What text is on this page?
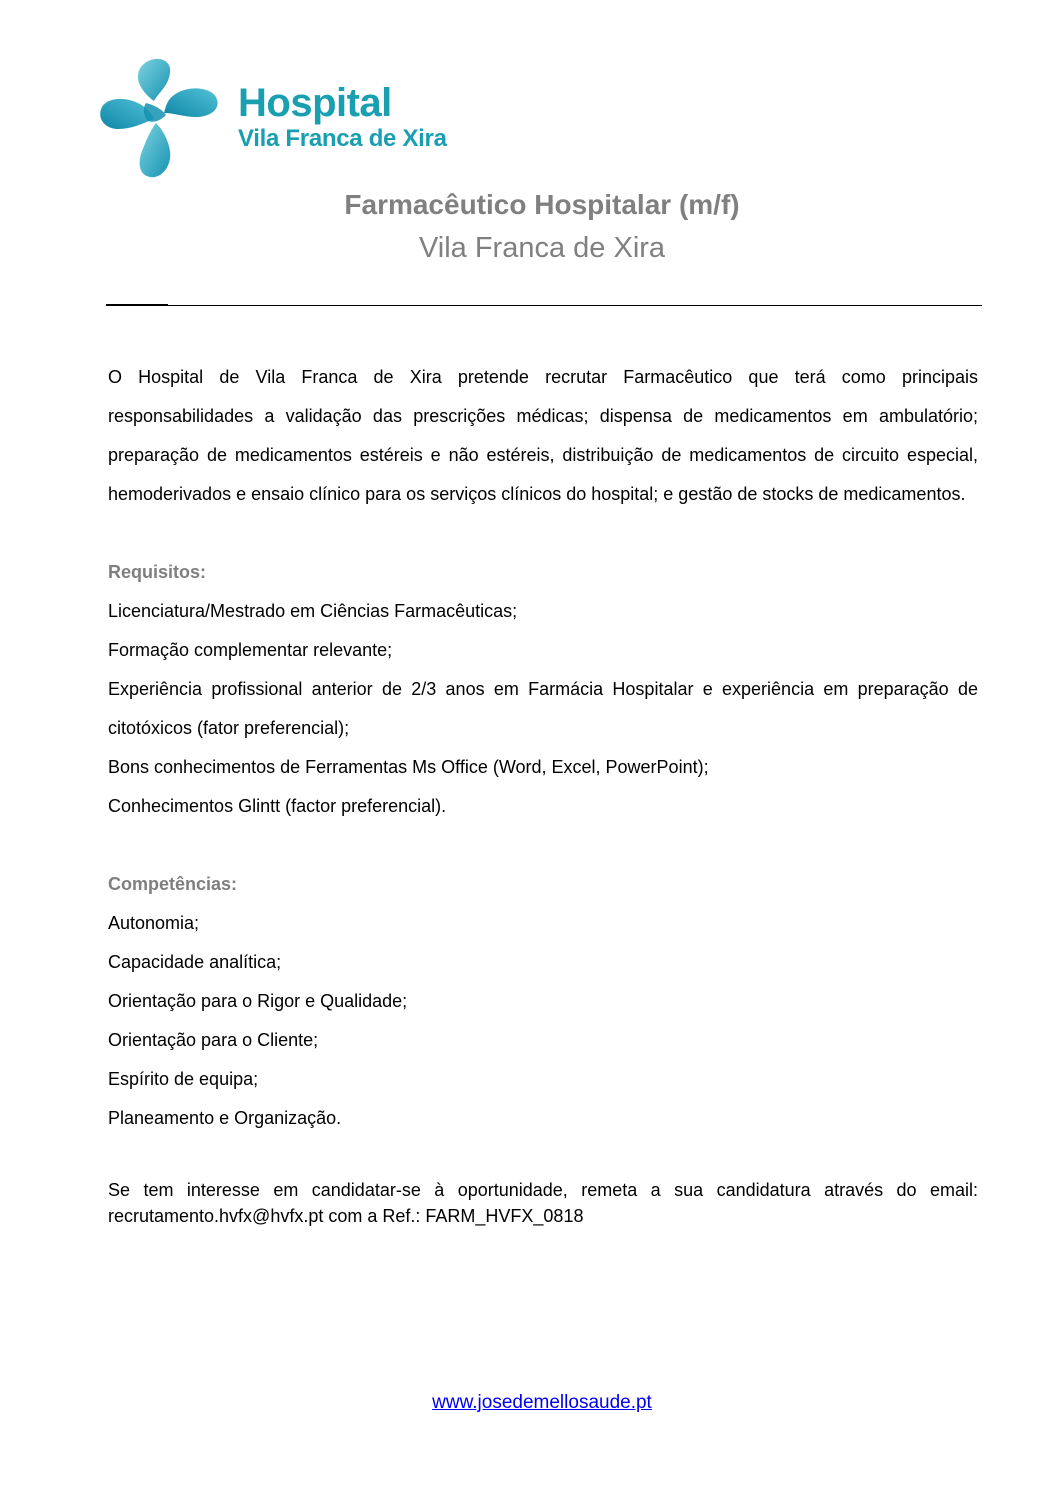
Hospital
Vila Franca de Xira
Farmacêutico Hospitalar (m/f)
Vila Franca de Xira

O Hospital de Vila Franca de Xira pretende recrutar Farmacêutico que terá como principais responsabilidades a validação das prescrições médicas; dispensa de medicamentos em ambulatório; preparação de medicamentos estéreis e não estéreis, distribuição de medicamentos de circuito especial, hemoderivados e ensaio clínico para os serviços clínicos do hospital; e gestão de stocks de medicamentos.

Requisitos:
Licenciatura/Mestrado em Ciências Farmacêuticas;
Formação complementar relevante;
Experiência profissional anterior de 2/3 anos em Farmácia Hospitalar e experiência em preparação de citotóxicos (fator preferencial);
Bons conhecimentos de Ferramentas Ms Office (Word, Excel, PowerPoint);
Conhecimentos Glintt (factor preferencial).
Competências:
Autonomia;
Capacidade analítica;
Orientação para o Rigor e Qualidade;
Orientação para o Cliente;
Espírito de equipa;
Planeamento e Organização.
Se tem interesse em candidatar-se à oportunidade, remeta a sua candidatura através do email: recrutamento.hvfx@hvfx.pt com a Ref.: FARM_HVFX_0818
www.josedemellosaude.pt
